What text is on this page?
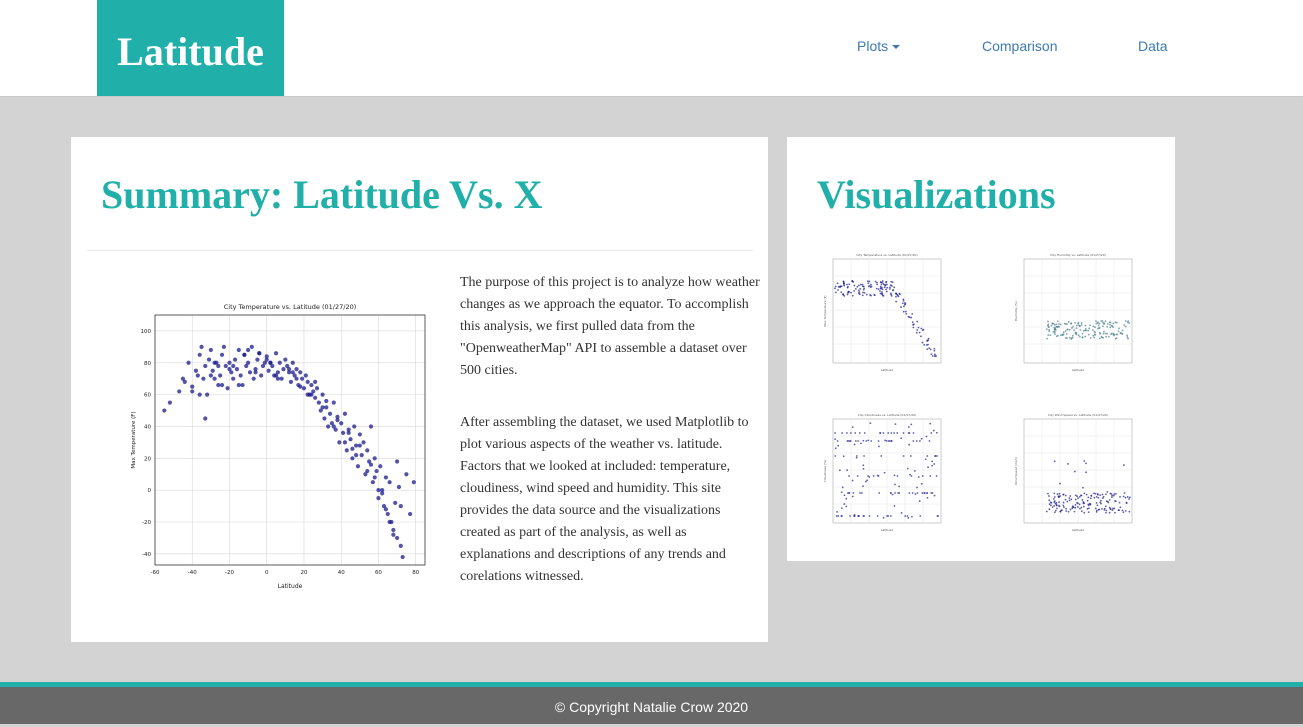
Latitude	Plots	Comparison	Data
Summary: Latitude Vs. X
-60	-40	-20	0	20	40	60	80
-40
-20
0
20
40
60
80
100
City Temperature vs. Latitude (01/27/20)
Latitude
Max Temperature (F)

The purpose of this project is to analyze how weather changes as we approach the equator. To accomplish this analysis, we first pulled data from the "OpenweatherMap" API to assemble a dataset over 500 cities.

After assembling the dataset, we used Matplotlib to plot various aspects of the weather vs. latitude. Factors that we looked at included: temperature, cloudiness, wind speed and humidity. This site provides the data source and the visualizations created as part of the analysis, as well as explanations and descriptions of any trends and corelations witnessed.

Visualizations
City Temperature vs. Latitude (01/27/20)
Latitude
Max Temperature (F)
City Humidity vs. Latitude (01/27/20)
Latitude
Humidity (%)
City Cloudiness vs. Latitude (01/27/20)
Latitude
Cloudiness (%)
City Wind Speed vs. Latitude (01/27/20)
Latitude
Wind Speed (mph)
© Copyright Natalie Crow 2020
